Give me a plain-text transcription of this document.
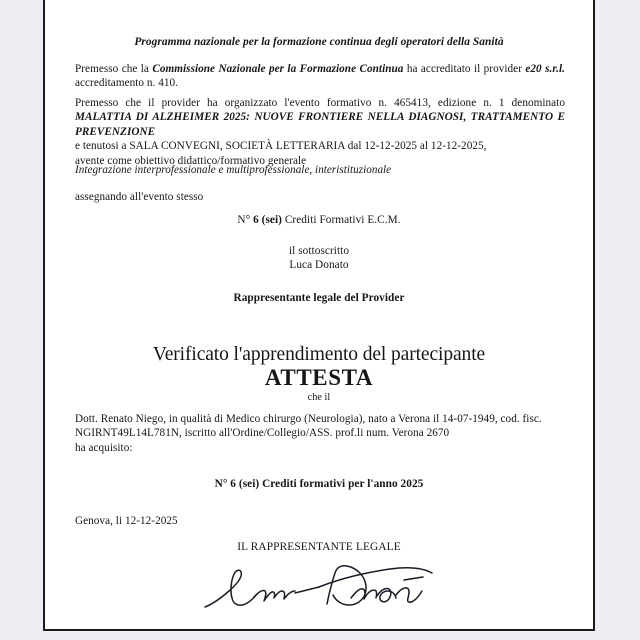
Programma nazionale per la formazione continua degli operatori della Sanità
Premesso che la Commissione Nazionale per la Formazione Continua ha accreditato il provider e20 s.r.l. accreditamento n. 410.
Premesso che il provider ha organizzato l'evento formativo n. 465413, edizione n. 1 denominato MALATTIA DI ALZHEIMER 2025: NUOVE FRONTIERE NELLA DIAGNOSI, TRATTAMENTO E PREVENZIONE
e tenutosi a SALA CONVEGNI, SOCIETÀ LETTERARIA dal 12-12-2025 al 12-12-2025,
avente come obiettivo didattico/formativo generale
Integrazione interprofessionale e multiprofessionale, interistituzionale
assegnando all'evento stesso
N° 6 (sei) Crediti Formativi E.C.M.
il sottoscritto
Luca Donato
Rappresentante legale del Provider
Verificato l'apprendimento del partecipante
ATTESTA
che il
Dott. Renato Niego, in qualità di Medico chirurgo (Neurologia), nato a Verona il 14-07-1949, cod. fisc.
NGIRNT49L14L781N, iscritto all'Ordine/Collegio/ASS. prof.li num. Verona 2670
ha acquisito:
N° 6 (sei) Crediti formativi per l'anno 2025
Genova, li 12-12-2025
IL RAPPRESENTANTE LEGALE
